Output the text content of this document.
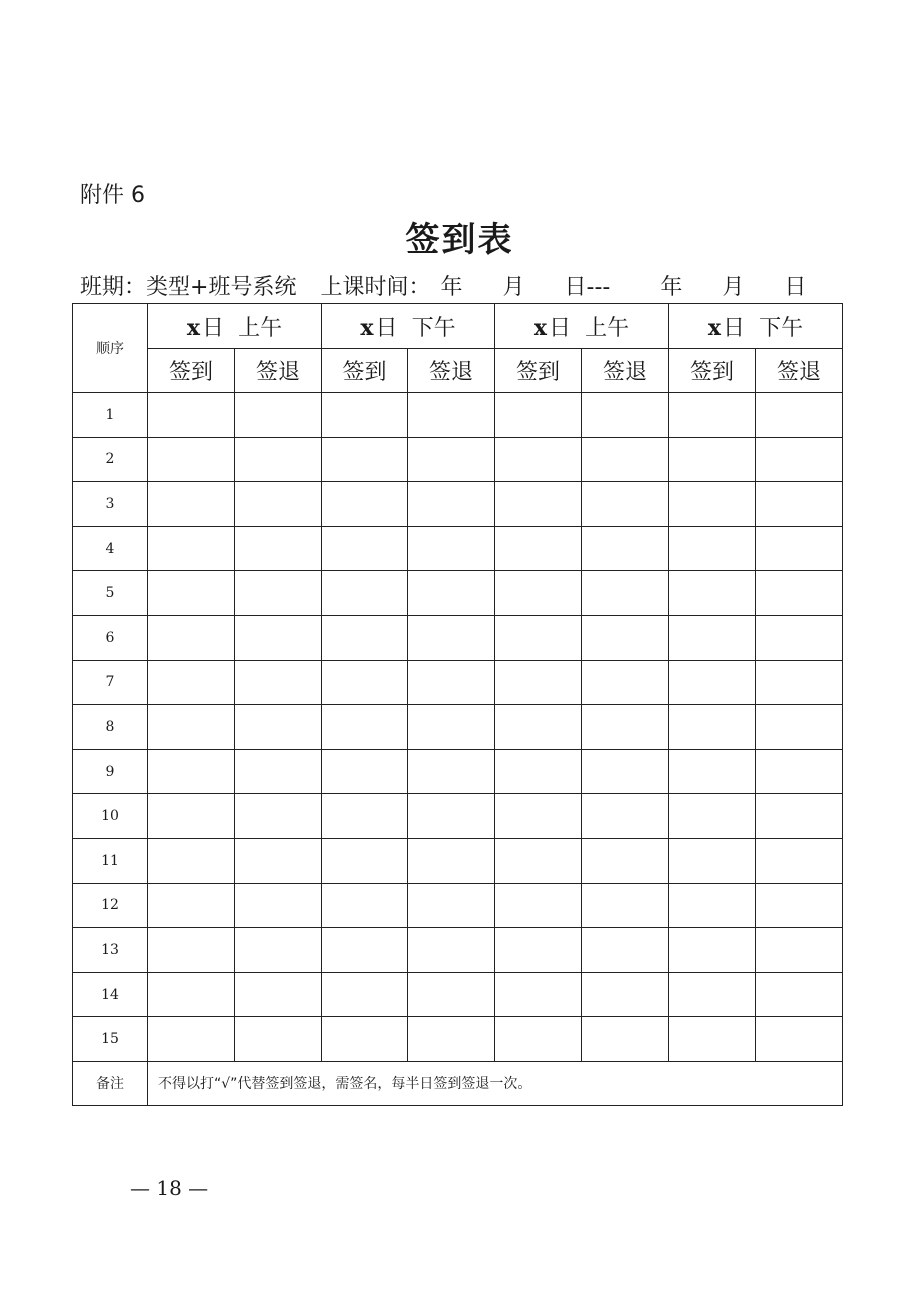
附件 6
签到表
班期：类型+班号系统 上课时间： 年 月 日--- 年 月 日
顺序	x日 上午		x日 下午		x日 上午		x日 下午	
	签到	签退	签到	签退	签到	签退	签到	签退
1								
2								
3								
4								
5								
6								
7								
8								
9								
10								
11								
12								
13								
14								
15								
备注	不得以打“√”代替签到签退，需签名，每半日签到签退一次。							
— 18 —
